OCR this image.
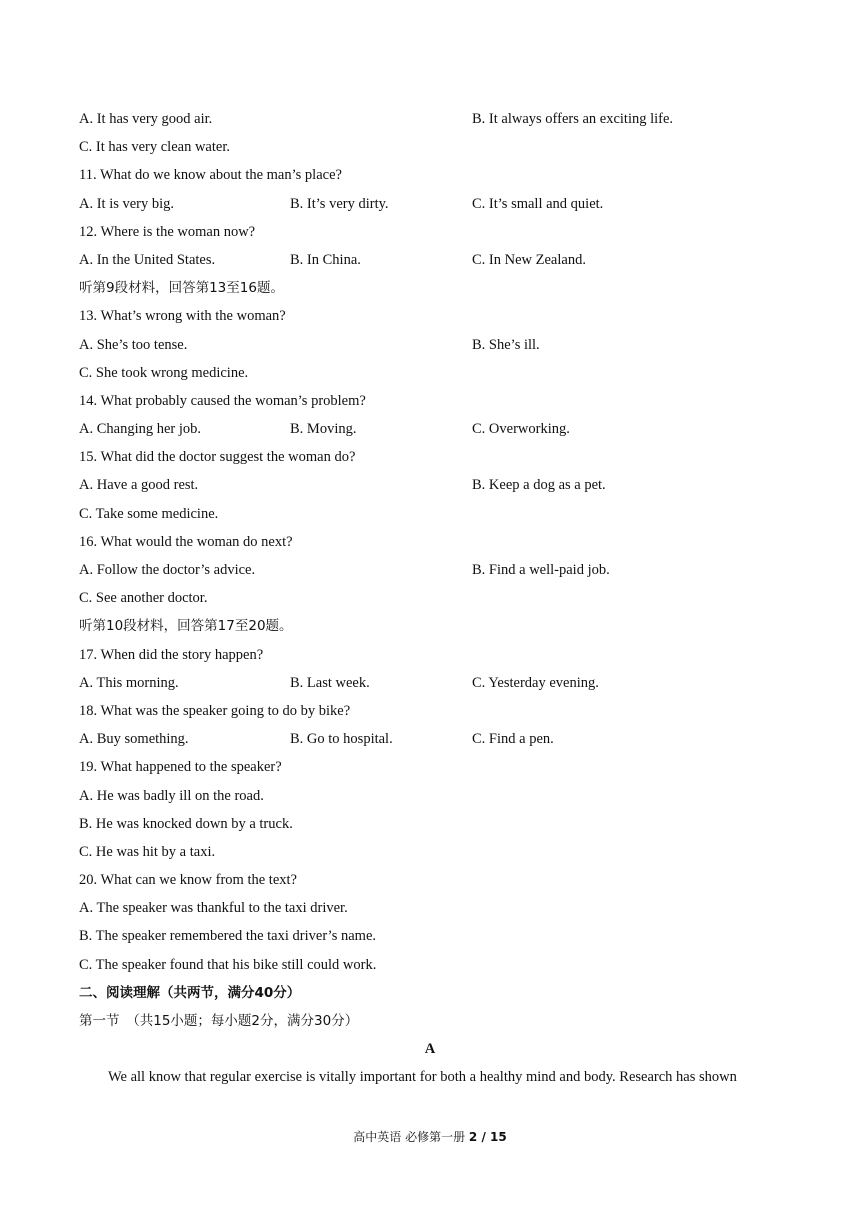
A. It has very good air.	B. It always offers an exciting life.
C. It has very clean water.
11. What do we know about the man’s place?
A. It is very big.	B. It’s very dirty.	C. It’s small and quiet.
12. Where is the woman now?
A. In the United States.	B. In China.	C. In New Zealand.
听第9段材料，回答第13至16题。
13. What’s wrong with the woman?
A. She’s too tense.	B. She’s ill.
C. She took wrong medicine.
14. What probably caused the woman’s problem?
A. Changing her job.	B. Moving.	C. Overworking.
15. What did the doctor suggest the woman do?
A. Have a good rest.	B. Keep a dog as a pet.
C. Take some medicine.
16. What would the woman do next?
A. Follow the doctor’s advice.	B. Find a well-paid job.
C. See another doctor.
听第10段材料，回答第17至20题。
17. When did the story happen?
A. This morning.	B. Last week.	C. Yesterday evening.
18. What was the speaker going to do by bike?
A. Buy something.	B. Go to hospital.	C. Find a pen.
19. What happened to the speaker?
A. He was badly ill on the road.
B. He was knocked down by a truck.
C. He was hit by a taxi.
20. What can we know from the text?
A. The speaker was thankful to the taxi driver.
B. The speaker remembered the taxi driver’s name.
C. The speaker found that his bike still could work.
二、阅读理解（共两节，满分40分）
第一节　（共15小题；每小题2分，满分30分）
A
We all know that regular exercise is vitally important for both a healthy mind and body. Research has shown
高中英语 必修第一册 2 / 15
